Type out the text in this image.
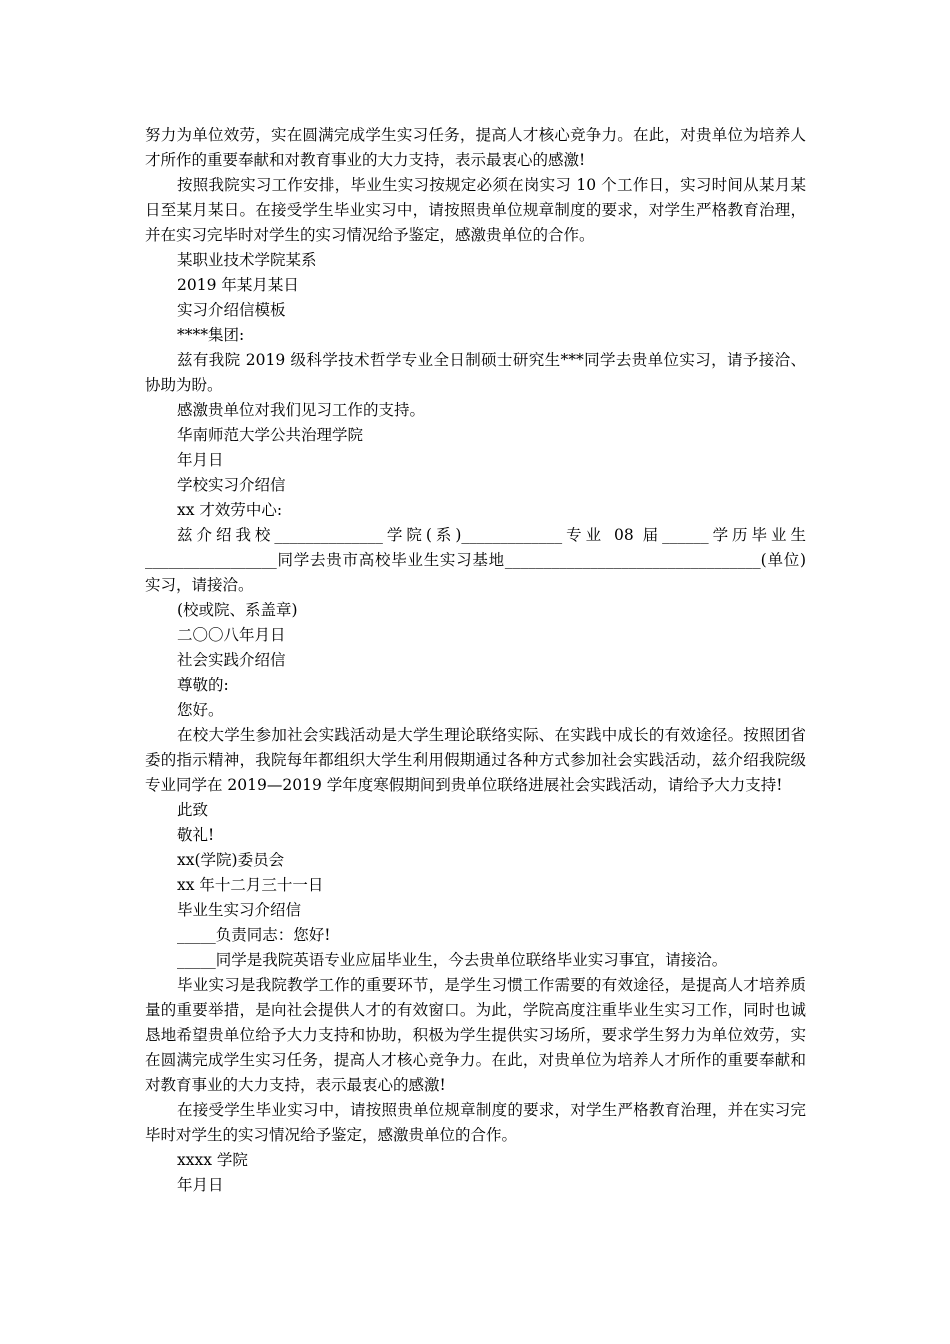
努力为单位效劳，实在圆满完成学生实习任务，提高人才核心竞争力。在此，对贵单位为培养人才所作的重要奉献和对教育事业的大力支持，表示最衷心的感激!

按照我院实习工作安排，毕业生实习按规定必须在岗实习 10 个工作日，实习时间从某月某日至某月某日。在接受学生毕业实习中，请按照贵单位规章制度的要求，对学生严格教育治理，并在实习完毕时对学生的实习情况给予鉴定，感激贵单位的合作。

某职业技术学院某系

2019 年某月某日

实习介绍信模板

****集团:

兹有我院 2019 级科学技术哲学专业全日制硕士研究生***同学去贵单位实习，请予接洽、协助为盼。

感激贵单位对我们见习工作的支持。

华南师范大学公共治理学院

年月日

学校实习介绍信

xx 才效劳中心:

兹介绍我校______________学院(系)_____________专业 08 届______学历毕业生_________________同学去贵市高校毕业生实习基地_________________________________(单位)实习，请接洽。

(校或院、系盖章)

二〇〇八年月日

社会实践介绍信

尊敬的:

您好。

在校大学生参加社会实践活动是大学生理论联络实际、在实践中成长的有效途径。按照团省委的指示精神，我院每年都组织大学生利用假期通过各种方式参加社会实践活动，兹介绍我院级专业同学在 2019—2019 学年度寒假期间到贵单位联络进展社会实践活动，请给予大力支持!

此致

敬礼!

xx(学院)委员会

xx 年十二月三十一日

毕业生实习介绍信

_____负责同志：您好!

_____同学是我院英语专业应届毕业生，今去贵单位联络毕业实习事宜，请接洽。

毕业实习是我院教学工作的重要环节，是学生习惯工作需要的有效途径，是提高人才培养质量的重要举措，是向社会提供人才的有效窗口。为此，学院高度注重毕业生实习工作，同时也诚恳地希望贵单位给予大力支持和协助，积极为学生提供实习场所，要求学生努力为单位效劳，实在圆满完成学生实习任务，提高人才核心竞争力。在此，对贵单位为培养人才所作的重要奉献和对教育事业的大力支持，表示最衷心的感激!

在接受学生毕业实习中，请按照贵单位规章制度的要求，对学生严格教育治理，并在实习完毕时对学生的实习情况给予鉴定，感激贵单位的合作。

xxxx 学院

年月日
